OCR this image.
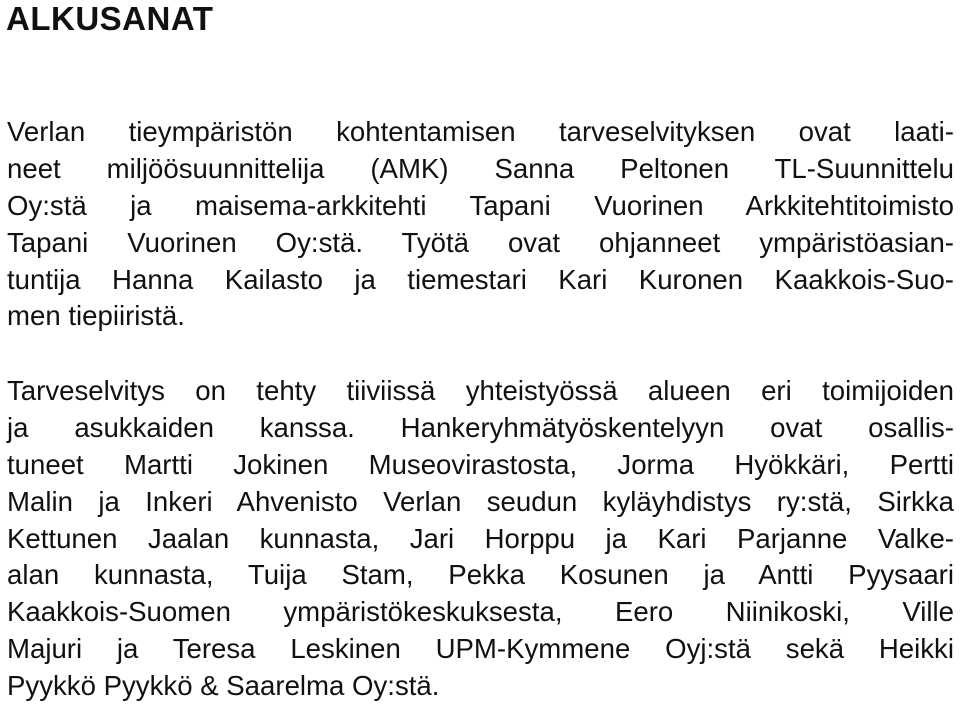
ALKUSANAT
Verlan tieympäristön kohtentamisen tarveselvityksen ovat laati-
neet miljöösuunnittelija (AMK) Sanna Peltonen TL-Suunnittelu
Oy:stä ja maisema-arkkitehti Tapani Vuorinen Arkkitehtitoimisto
Tapani Vuorinen Oy:stä. Työtä ovat ohjanneet ympäristöasian-
tuntija Hanna Kailasto ja tiemestari Kari Kuronen Kaakkois-Suo-
men tiepiiristä.
Tarveselvitys on tehty tiiviissä yhteistyössä alueen eri toimijoiden
ja asukkaiden kanssa. Hankeryhmätyöskentelyyn ovat osallis-
tuneet Martti Jokinen Museovirastosta, Jorma Hyökkäri, Pertti
Malin ja Inkeri Ahvenisto Verlan seudun kyläyhdistys ry:stä, Sirkka
Kettunen Jaalan kunnasta, Jari Horppu ja Kari Parjanne Valke-
alan kunnasta, Tuija Stam, Pekka Kosunen ja Antti Pyysaari
Kaakkois-Suomen ympäristökeskuksesta, Eero Niinikoski, Ville
Majuri ja Teresa Leskinen UPM-Kymmene Oyj:stä sekä Heikki
Pyykkö Pyykkö & Saarelma Oy:stä.
